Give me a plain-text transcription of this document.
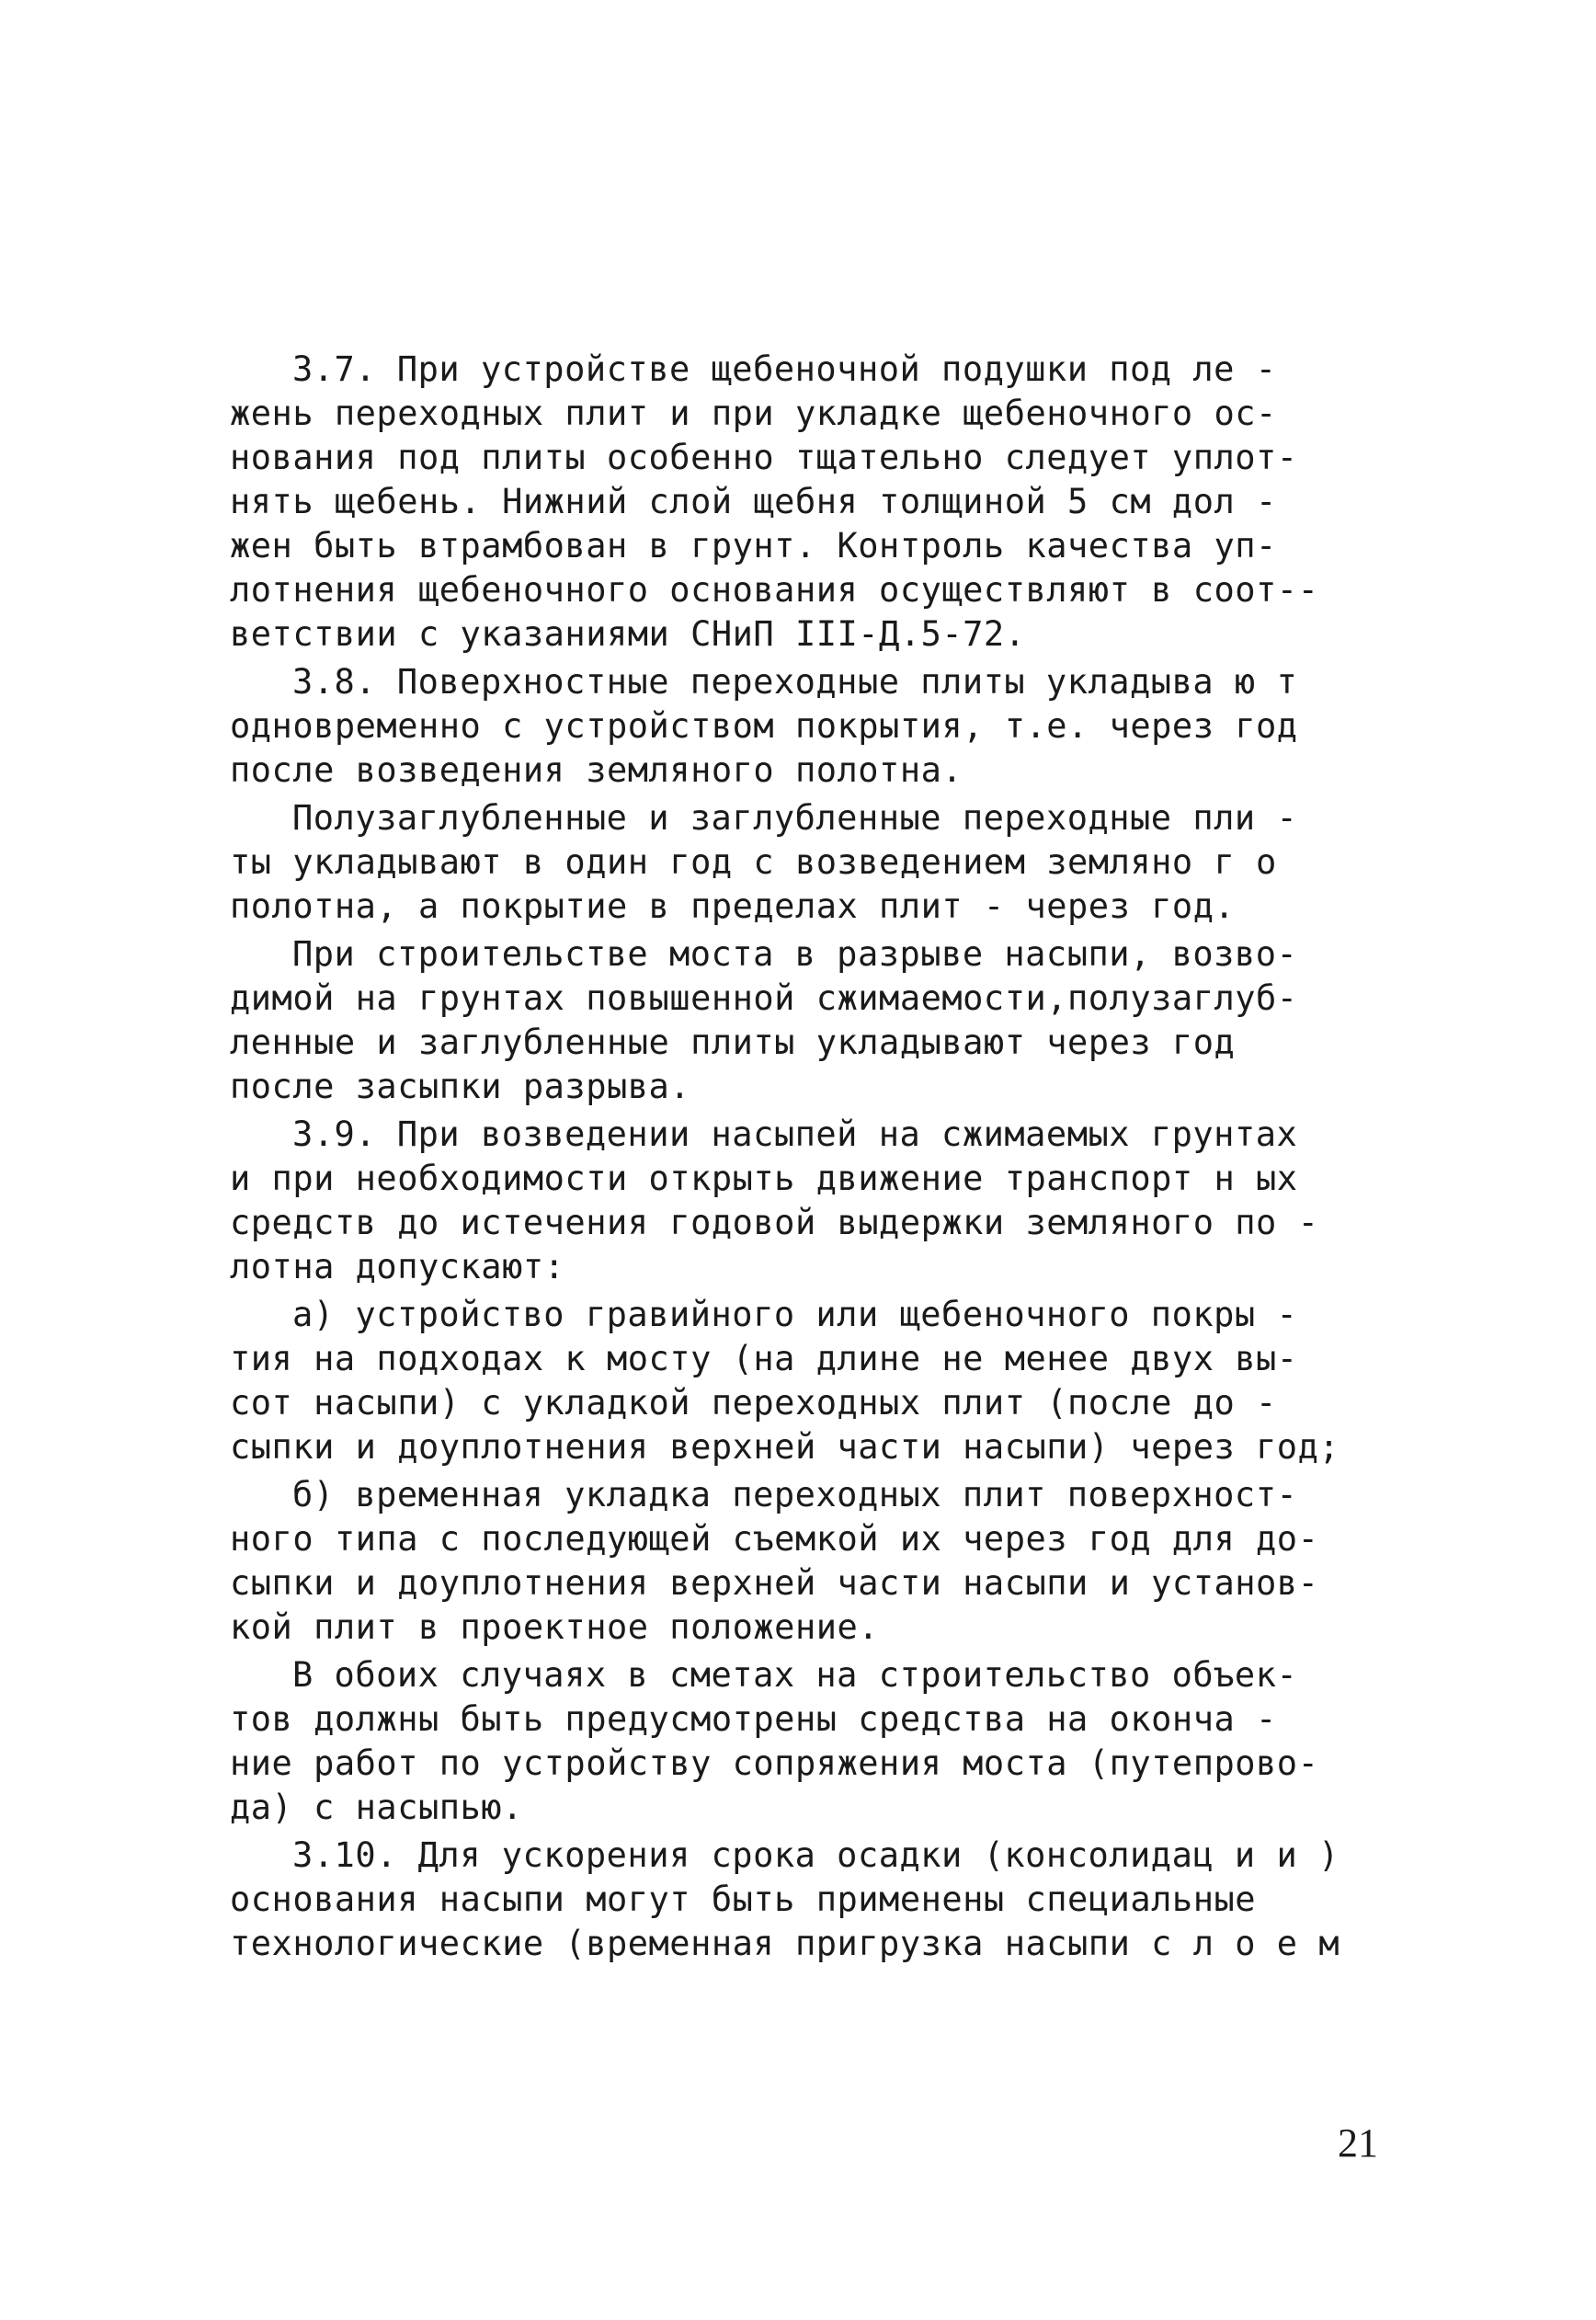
3.7. При устройстве щебеночной подушки под ле -
жень переходных плит и при укладке щебеночного ос-
нования под плиты особенно тщательно следует уплот-
нять щебень. Нижний слой щебня толщиной 5 см дол -
жен быть втрамбован в грунт. Контроль качества уп-
лотнения щебеночного основания осуществляют в соот--
ветствии с указаниями СНиП III-Д.5-72.
3.8. Поверхностные переходные плиты укладыва ю т
одновременно с устройством покрытия, т.е. через год
после возведения земляного полотна.
Полузаглубленные и заглубленные переходные пли -
ты укладывают в один год с возведением земляно г о
полотна, а покрытие в пределах плит - через год.
При строительстве моста в разрыве насыпи, возво-
димой на грунтах повышенной сжимаемости,полузаглуб-
ленные и заглубленные плиты укладывают через год
после засыпки разрыва.
3.9. При возведении насыпей на сжимаемых грунтах
и при необходимости открыть движение транспорт н ых
средств до истечения годовой выдержки земляного по -
лотна допускают:
а) устройство гравийного или щебеночного покры -
тия на подходах к мосту (на длине не менее двух вы-
сот насыпи) с укладкой переходных плит (после до -
сыпки и доуплотнения верхней части насыпи) через год;
б) временная укладка переходных плит поверхност-
ного типа с последующей съемкой их через год для до-
сыпки и доуплотнения верхней части насыпи и установ-
кой плит в проектное положение.
В обоих случаях в сметах на строительство объек-
тов должны быть предусмотрены средства на оконча -
ние работ по устройству сопряжения моста (путепрово-
да) с насыпью.
3.10. Для ускорения срока осадки (консолидац и и )
основания насыпи могут быть применены специальные
технологические (временная пригрузка насыпи с л о е м
21
